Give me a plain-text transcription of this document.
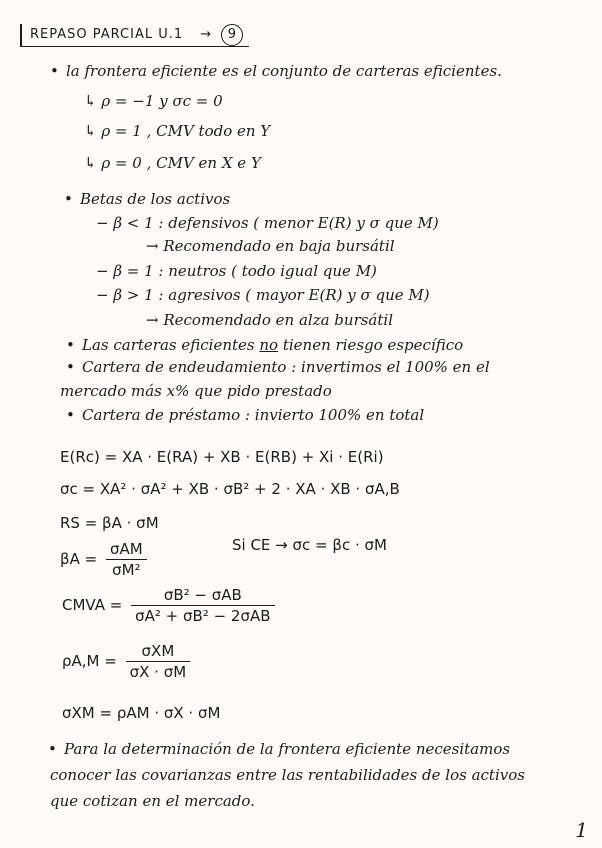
REPASO PARCIAL U.1 → 9
• la frontera eficiente es el conjunto de carteras eficientes.
↳ ρ = −1 y σc = 0
↳ ρ = 1 , CMV todo en Y
↳ ρ = 0 , CMV en X e Y
• Betas de los activos
− β < 1 : defensivos ( menor E(R) y σ que M)
→ Recomendado en baja bursátil
− β = 1 : neutros ( todo igual que M)
− β > 1 : agresivos ( mayor E(R) y σ que M)
→ Recomendado en alza bursátil
• Las carteras eficientes no tienen riesgo específico
• Cartera de endeudamiento : invertimos el 100% en el
mercado más x% que pido prestado
• Cartera de préstamo : invierto 100% en total
E(Rc) = XA · E(RA) + XB · E(RB) + Xi · E(Ri)
σc = XA² · σA² + XB · σB² + 2 · XA · XB · σA,B
RS = βA · σM
$\beta A = \frac{\text{σAM}}{\text{σM²}}$	Si CE → σc = βc · σM
CMVA = $\frac{\text{σB² − σAB}}{\text{σA² + σB² − 2σAB}}$
$\rho A,M = \frac{\text{σXM}}{\sigma X \cdot \sigma M}$
σXM = ρAM · σX · σM
• Para la determinación de la frontera eficiente necesitamos
conocer las covarianzas entre las rentabilidades de los activos
que cotizan en el mercado.
1
